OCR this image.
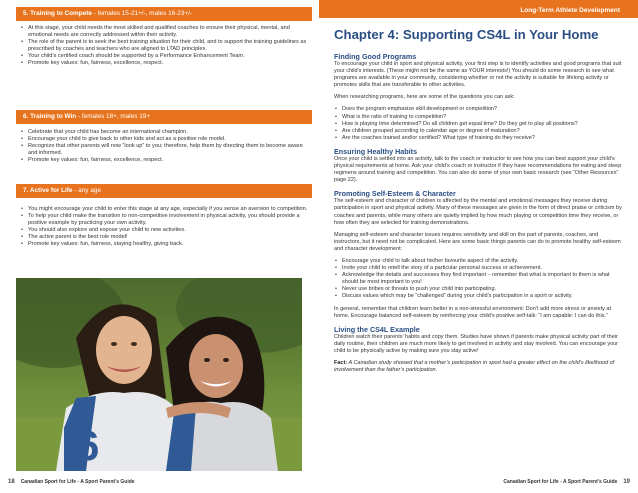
5. Training to Compete - females 15-21+/-, males 16-23+/-
• At this stage, your child needs the most skilled and qualified coaches to ensure their physical, mental, and emotional needs are correctly addressed within their activity.
• The role of the parent is to seek the best training situation for their child, and to support the training guidelines as prescribed by coaches and teachers who are aligned to LTAD principles.
• Your child’s certified coach should be supported by a Performance Enhancement Team.
• Promote key values: fun, fairness, excellence, respect.
6. Training to Win - females 18+, males 19+
• Celebrate that your child has become an international champion.
• Encourage your child to give back to other kids and act as a positive role model.
• Recognize that other parents will now “look up” to you; therefore, help them by directing them to become aware and informed.
• Promote key values: fun, fairness, excellence, respect.
7. Active for Life - any age
• You might encourage your child to enter this stage at any age, especially if you sense an aversion to competition.
• To help your child make the transition to non-competitive involvement in physical activity, you should provide a positive example by practicing your own activity.
• You should also explore and expose your child to new activities.
• The active parent is the best role model!
• Promote key values: fun, fairness, staying healthy, giving back.
6
18 Canadian Sport for Life - A Sport Parent’s Guide
Long-Term Athlete Development
Chapter 4: Supporting CS4L in Your Home
Finding Good Programs

To encourage your child in sport and physical activity, your first step is to identify activities and good programs that suit your child’s interests. (These might not be the same as YOUR interests!) You should do some research to see what programs are available in your community, considering whether or not the activity is suitable for lifelong activity or promotes skills that are transferable to other activities.

When researching programs, here are some of the questions you can ask:

• Does the program emphasize skill development or competition?
• What is the ratio of training to competition?
• How is playing time determined? Do all children get equal time? Do they get to play all positions?
• Are children grouped according to calendar age or degree of maturation?
• Are the coaches trained and/or certified? What type of training do they receive?
Ensuring Healthy Habits

Once your child is settled into an activity, talk to the coach or instructor to see how you can best support your child’s physical requirements at home. Ask your child’s coach or instructor if they have recommendations for eating and sleep regimens around training and competition. You can also do some of your own basic research (see “Other Resources” page 22).

Promoting Self-Esteem & Character

The self-esteem and character of children is affected by the mental and emotional messages they receive during participation in sport and physical activity. Many of these messages are given in the form of direct praise or criticism by coaches and parents, while many others are quietly implied by how much playing or competition time they receive, or how often they are selected for training demonstrations.

Managing self-esteem and character issues requires sensitivity and skill on the part of parents, coaches, and instructors, but it need not be complicated. Here are some basic things parents can do to promote healthy self-esteem and character development:

• Encourage your child to talk about his/her favourite aspect of the activity.
• Invite your child to retell the story of a particular personal success or achievement.
• Acknowledge the details and successes they find important – remember that what is important to them is what should be most important to you!
• Never use bribes or threats to push your child into participating.
• Discuss values which may be “challenged” during your child’s participation in a sport or activity.

In general, remember that children learn better in a non-stressful environment: Don’t add more stress or anxiety at home. Encourage balanced self-esteem by reinforcing your child’s positive self-talk: “I am capable: I can do this.”

Living the CS4L Example

Children watch their parents’ habits and copy them. Studies have shown if parents make physical activity part of their daily routine, their children are much more likely to get involved in activity and stay involved. You can encourage your child to be physically active by making sure you stay active!

Fact: A Canadian study showed that a mother’s participation in sport had a greater effect on the child’s likelihood of involvement than the father’s participation.

Canadian Sport for Life - A Sport Parent’s Guide 19
